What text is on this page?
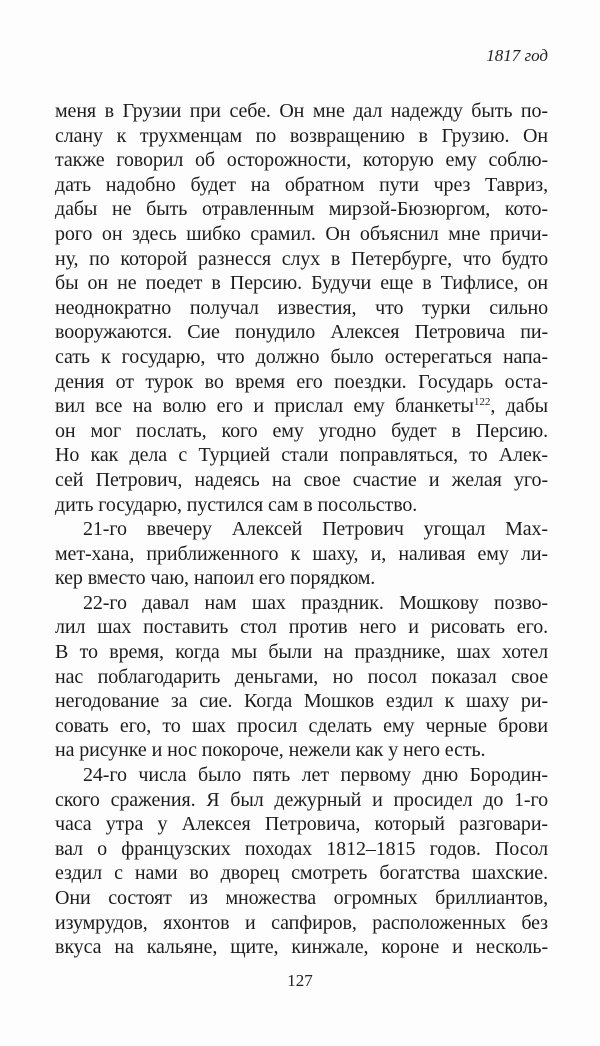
1817 год
меня в Грузии при себе. Он мне дал надежду быть по-
слану к трухменцам по возвращению в Грузию. Он
также говорил об осторожности, которую ему соблю-
дать надобно будет на обратном пути чрез Тавриз,
дабы не быть отравленным мирзой-Бюзюргом, кото-
рого он здесь шибко срамил. Он объяснил мне причи-
ну, по которой разнесся слух в Петербурге, что будто
бы он не поедет в Персию. Будучи еще в Тифлисе, он
неоднократно получал известия, что турки сильно
вооружаются. Сие понудило Алексея Петровича пи-
сать к государю, что должно было остерегаться напа-
дения от турок во время его поездки. Государь оста-
вил все на волю его и прислал ему бланкеты$^{122}$, дабы
он мог послать, кого ему угодно будет в Персию.
Но как дела с Турцией стали поправляться, то Алек-
сей Петрович, надеясь на свое счастие и желая уго-
дить государю, пустился сам в посольство.
21-го ввечеру Алексей Петрович угощал Мах-
мет-хана, приближенного к шаху, и, наливая ему ли-
кер вместо чаю, напоил его порядком.
22-го давал нам шах праздник. Мошкову позво-
лил шах поставить стол против него и рисовать его.
В то время, когда мы были на празднике, шах хотел
нас поблагодарить деньгами, но посол показал свое
негодование за сие. Когда Мошков ездил к шаху ри-
совать его, то шах просил сделать ему черные брови
на рисунке и нос покороче, нежели как у него есть.
24-го числа было пять лет первому дню Бородин-
ского сражения. Я был дежурный и просидел до 1-го
часа утра у Алексея Петровича, который разговари-
вал о французских походах 1812–1815 годов. Посол
ездил с нами во дворец смотреть богатства шахские.
Они состоят из множества огромных бриллиантов,
изумрудов, яхонтов и сапфиров, расположенных без
вкуса на кальяне, щите, кинжале, короне и несколь-
127
